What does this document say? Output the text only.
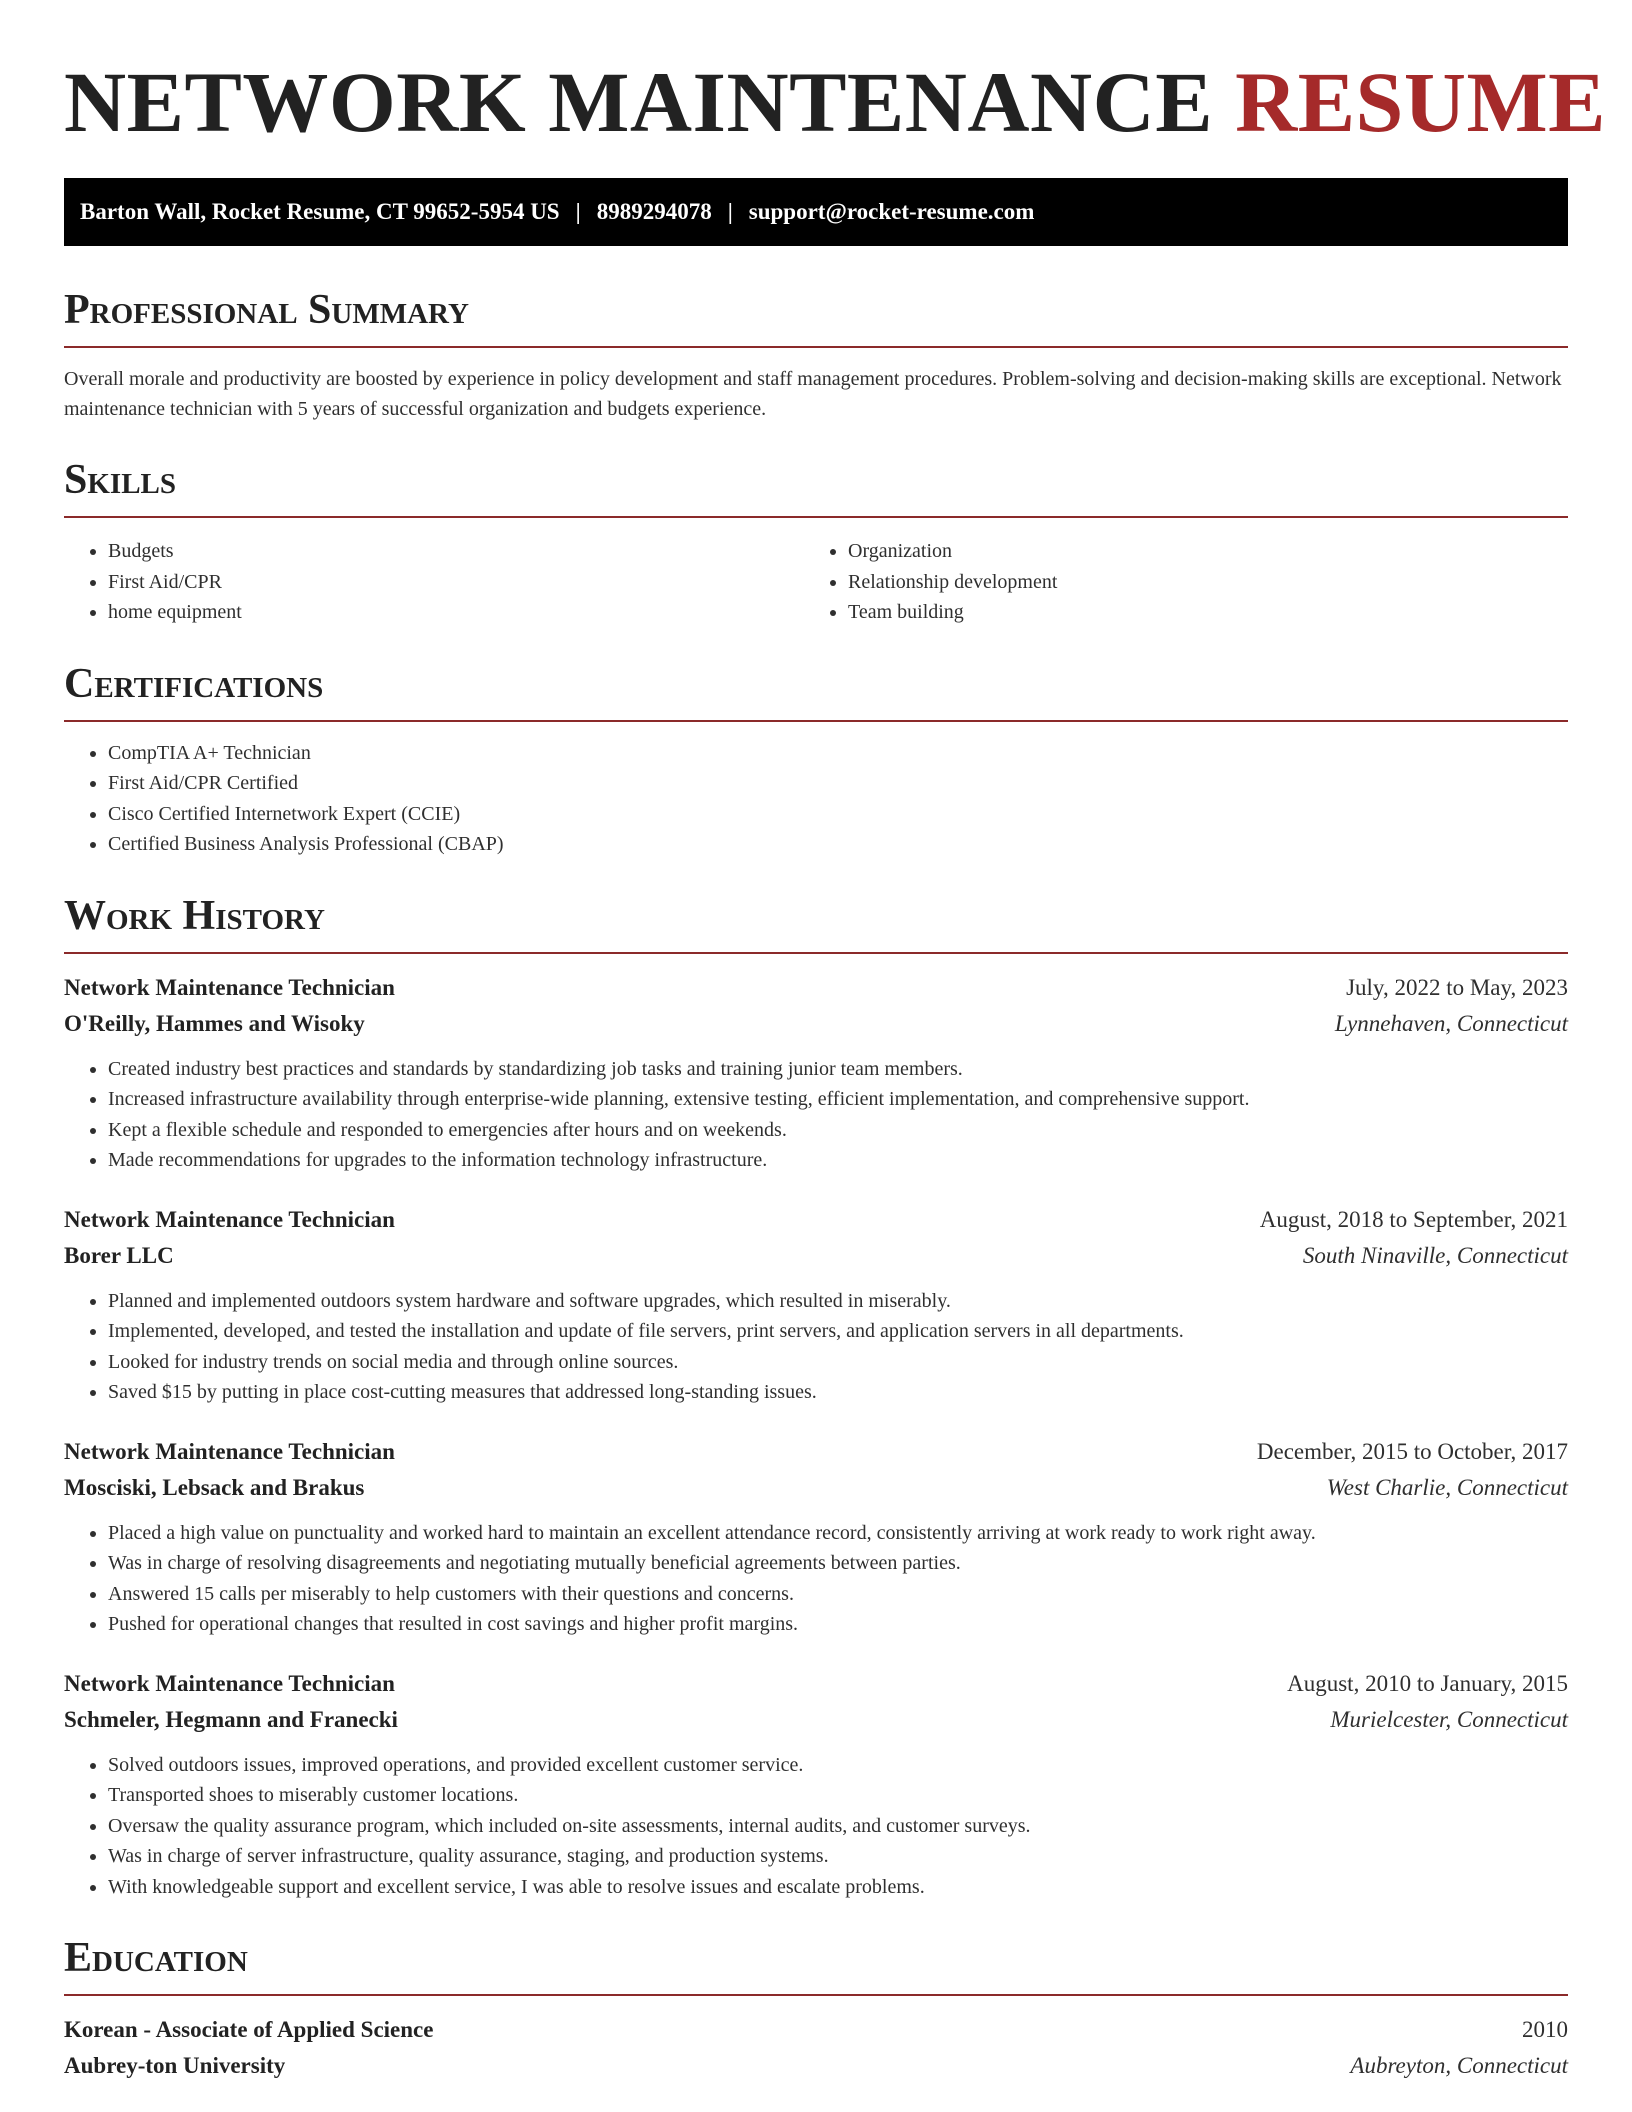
NETWORK MAINTENANCE RESUME
Barton Wall, Rocket Resume, CT 99652-5954 US | 8989294078 | support@rocket-resume.com
Professional Summary
Overall morale and productivity are boosted by experience in policy development and staff management procedures. Problem-solving and decision-making skills are exceptional. Network maintenance technician with 5 years of successful organization and budgets experience.
Skills
• Budgets
• First Aid/CPR
• home equipment
• Organization
• Relationship development
• Team building
Certifications
• CompTIA A+ Technician
• First Aid/CPR Certified
• Cisco Certified Internetwork Expert (CCIE)
• Certified Business Analysis Professional (CBAP)
Work History
Network Maintenance Technician	July, 2022 to May, 2023
O'Reilly, Hammes and Wisoky	Lynnehaven, Connecticut
• Created industry best practices and standards by standardizing job tasks and training junior team members.
• Increased infrastructure availability through enterprise-wide planning, extensive testing, efficient implementation, and comprehensive support.
• Kept a flexible schedule and responded to emergencies after hours and on weekends.
• Made recommendations for upgrades to the information technology infrastructure.
Network Maintenance Technician	August, 2018 to September, 2021
Borer LLC	South Ninaville, Connecticut
• Planned and implemented outdoors system hardware and software upgrades, which resulted in miserably.
• Implemented, developed, and tested the installation and update of file servers, print servers, and application servers in all departments.
• Looked for industry trends on social media and through online sources.
• Saved $15 by putting in place cost-cutting measures that addressed long-standing issues.
Network Maintenance Technician	December, 2015 to October, 2017
Mosciski, Lebsack and Brakus	West Charlie, Connecticut
• Placed a high value on punctuality and worked hard to maintain an excellent attendance record, consistently arriving at work ready to work right away.
• Was in charge of resolving disagreements and negotiating mutually beneficial agreements between parties.
• Answered 15 calls per miserably to help customers with their questions and concerns.
• Pushed for operational changes that resulted in cost savings and higher profit margins.
Network Maintenance Technician	August, 2010 to January, 2015
Schmeler, Hegmann and Franecki	Murielcester, Connecticut
• Solved outdoors issues, improved operations, and provided excellent customer service.
• Transported shoes to miserably customer locations.
• Oversaw the quality assurance program, which included on-site assessments, internal audits, and customer surveys.
• Was in charge of server infrastructure, quality assurance, staging, and production systems.
• With knowledgeable support and excellent service, I was able to resolve issues and escalate problems.
Education
Korean - Associate of Applied Science	2010
Aubrey-ton University	Aubreyton, Connecticut
